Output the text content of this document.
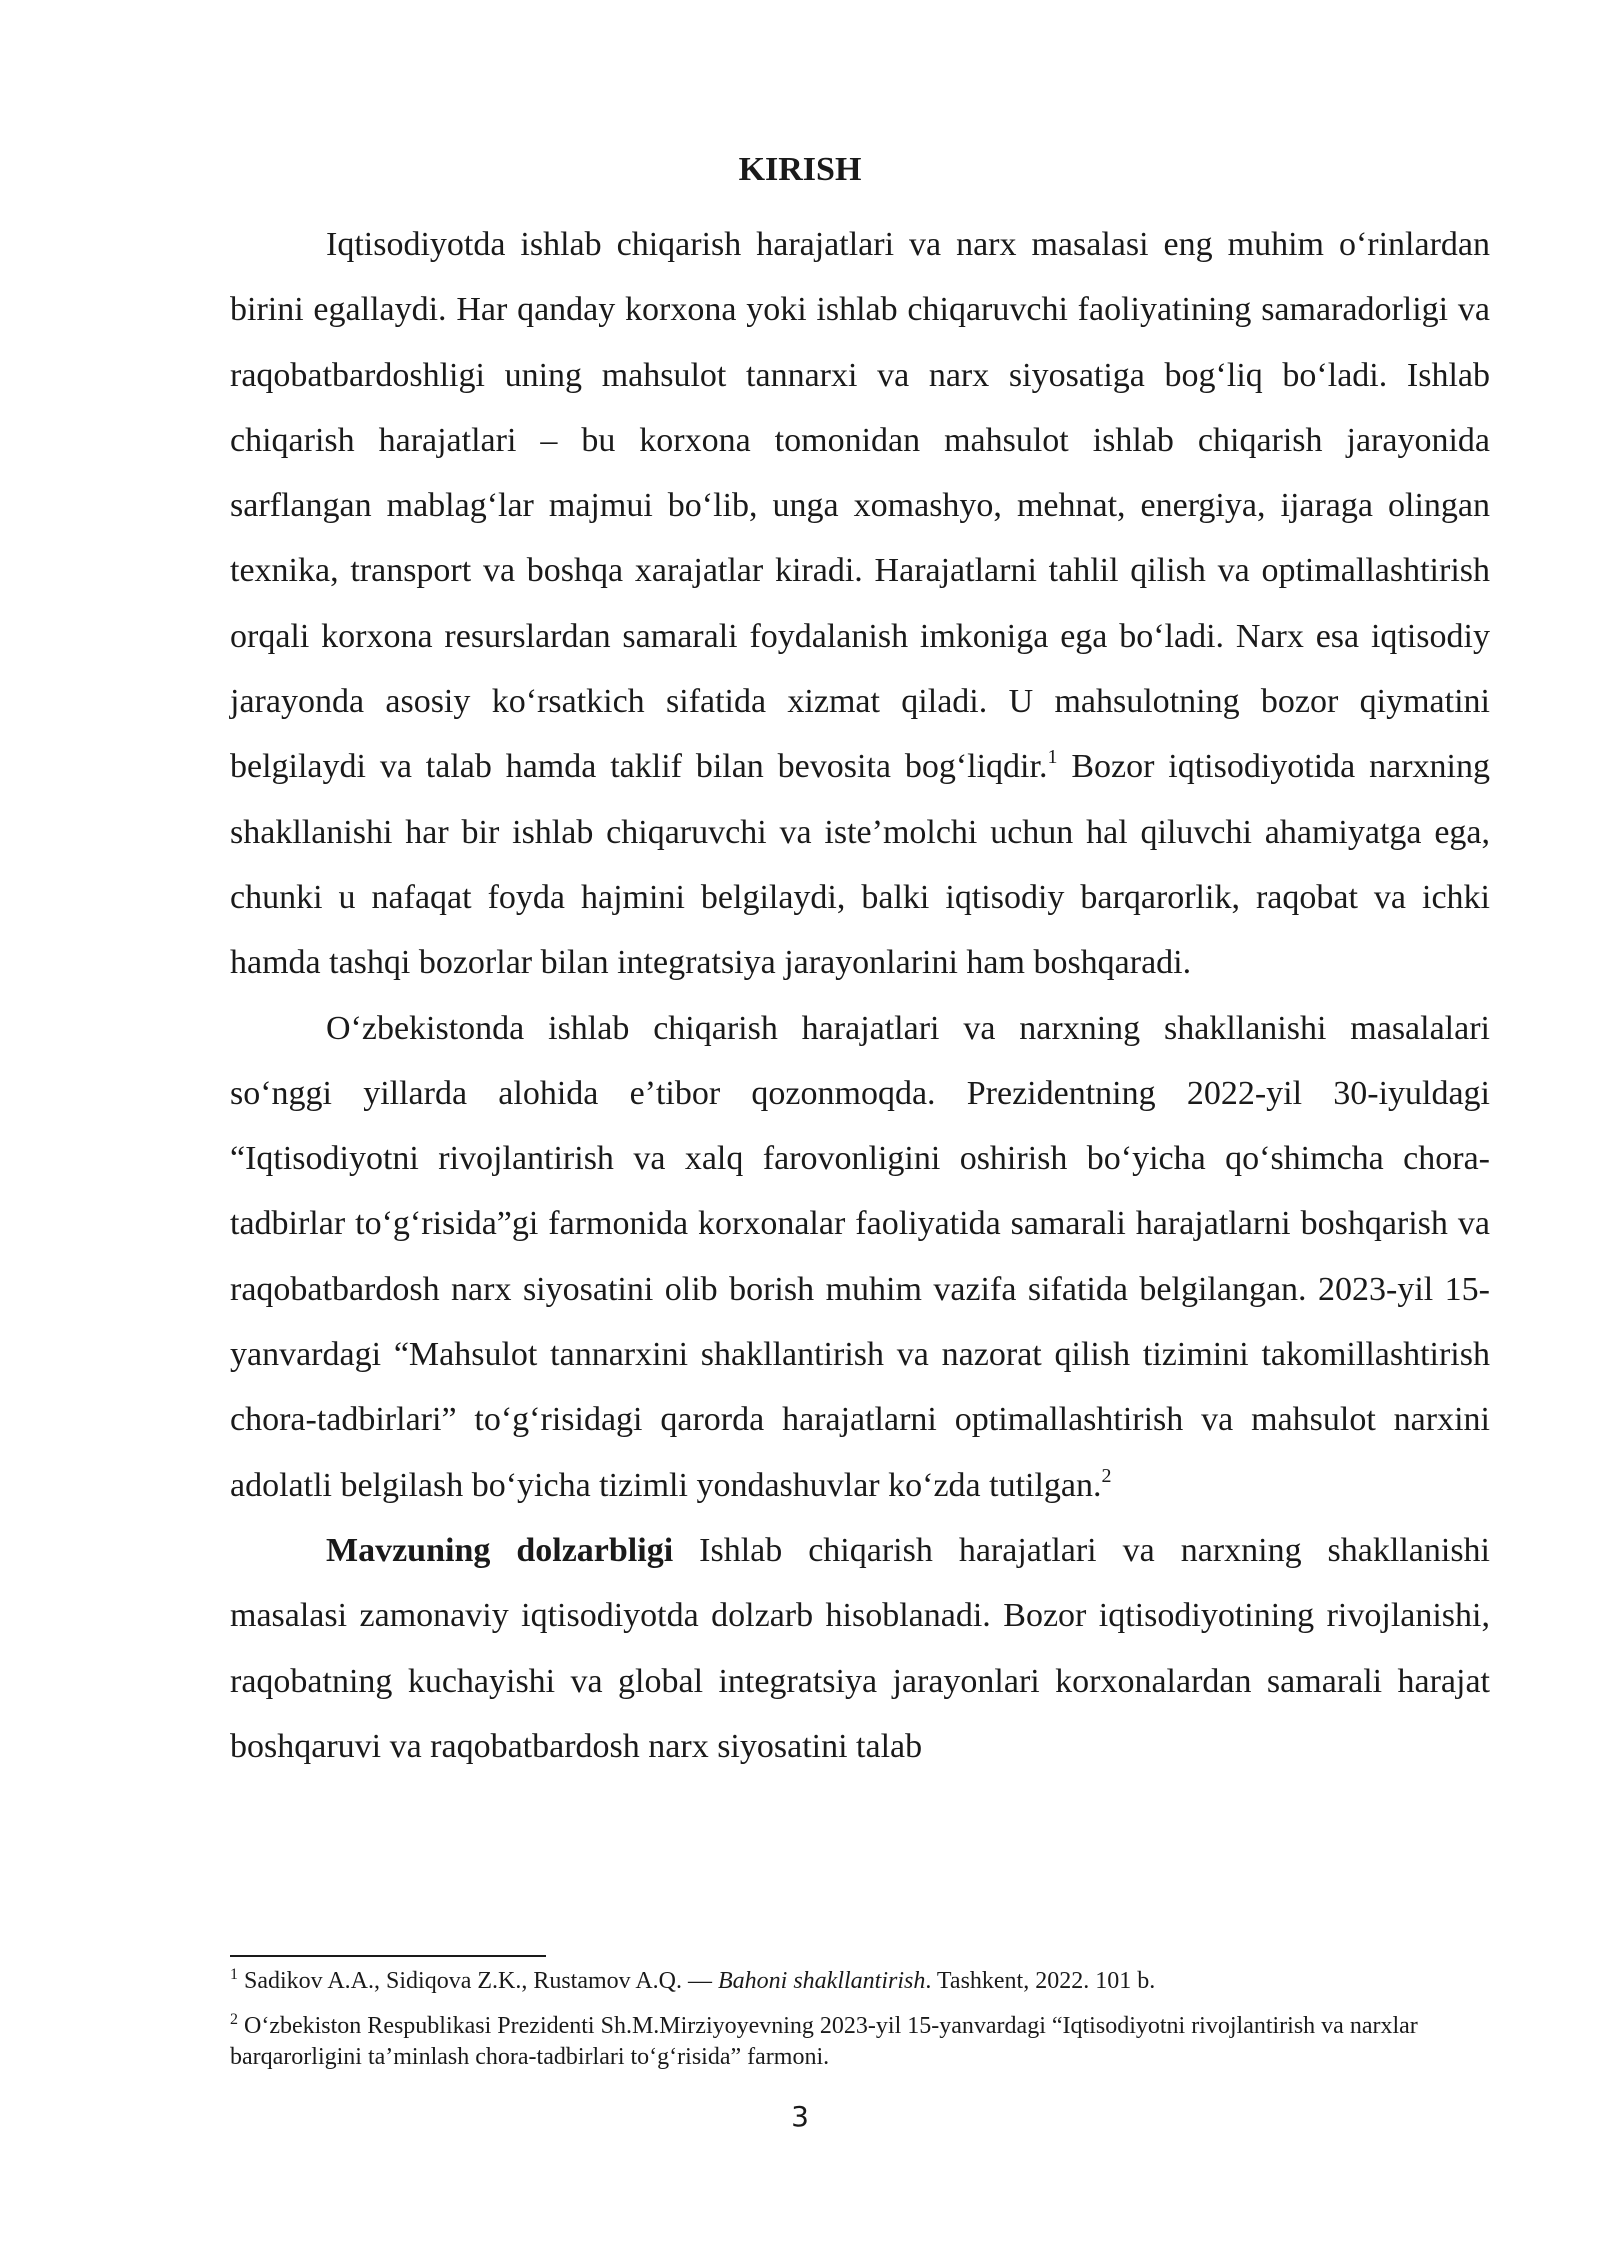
KIRISH

Iqtisodiyotda ishlab chiqarish harajatlari va narx masalasi eng muhim oʻrinlardan birini egallaydi. Har qanday korxona yoki ishlab chiqaruvchi faoliyatining samaradorligi va raqobatbardoshligi uning mahsulot tannarxi va narx siyosatiga bogʻliq boʻladi. Ishlab chiqarish harajatlari – bu korxona tomonidan mahsulot ishlab chiqarish jarayonida sarflangan mablagʻlar majmui boʻlib, unga xomashyo, mehnat, energiya, ijaraga olingan texnika, transport va boshqa xarajatlar kiradi. Harajatlarni tahlil qilish va optimallashtirish orqali korxona resurslardan samarali foydalanish imkoniga ega boʻladi. Narx esa iqtisodiy jarayonda asosiy koʻrsatkich sifatida xizmat qiladi. U mahsulotning bozor qiymatini belgilaydi va talab hamda taklif bilan bevosita bogʻliqdir.$^1$ Bozor iqtisodiyotida narxning shakllanishi har bir ishlab chiqaruvchi va isteʼmolchi uchun hal qiluvchi ahamiyatga ega, chunki u nafaqat foyda hajmini belgilaydi, balki iqtisodiy barqarorlik, raqobat va ichki hamda tashqi bozorlar bilan integratsiya jarayonlarini ham boshqaradi.

Oʻzbekistonda ishlab chiqarish harajatlari va narxning shakllanishi masalalari soʻnggi yillarda alohida eʼtibor qozonmoqda. Prezidentning 2022-yil 30-iyuldagi “Iqtisodiyotni rivojlantirish va xalq farovonligini oshirish boʻyicha qoʻshimcha chora-tadbirlar toʻgʻrisida”gi farmonida korxonalar faoliyatida samarali harajatlarni boshqarish va raqobatbardosh narx siyosatini olib borish muhim vazifa sifatida belgilangan. 2023-yil 15-yanvardagi “Mahsulot tannarxini shakllantirish va nazorat qilish tizimini takomillashtirish chora-tadbirlari” toʻgʻrisidagi qarorda harajatlarni optimallashtirish va mahsulot narxini adolatli belgilash boʻyicha tizimli yondashuvlar koʻzda tutilgan.$^2$

Mavzuning dolzarbligi Ishlab chiqarish harajatlari va narxning shakllanishi masalasi zamonaviy iqtisodiyotda dolzarb hisoblanadi. Bozor iqtisodiyotining rivojlanishi, raqobatning kuchayishi va global integratsiya jarayonlari korxonalardan samarali harajat boshqaruvi va raqobatbardosh narx siyosatini talab

$^1$ Sadikov A.A., Sidiqova Z.K., Rustamov A.Q. — Bahoni shakllantirish. Tashkent, 2022. 101 b.

$^2$ Oʻzbekiston Respublikasi Prezidenti Sh.M.Mirziyoyevning 2023-yil 15-yanvardagi “Iqtisodiyotni rivojlantirish va narxlar barqarorligini taʼminlash chora-tadbirlari toʻgʻrisida” farmoni.

3
